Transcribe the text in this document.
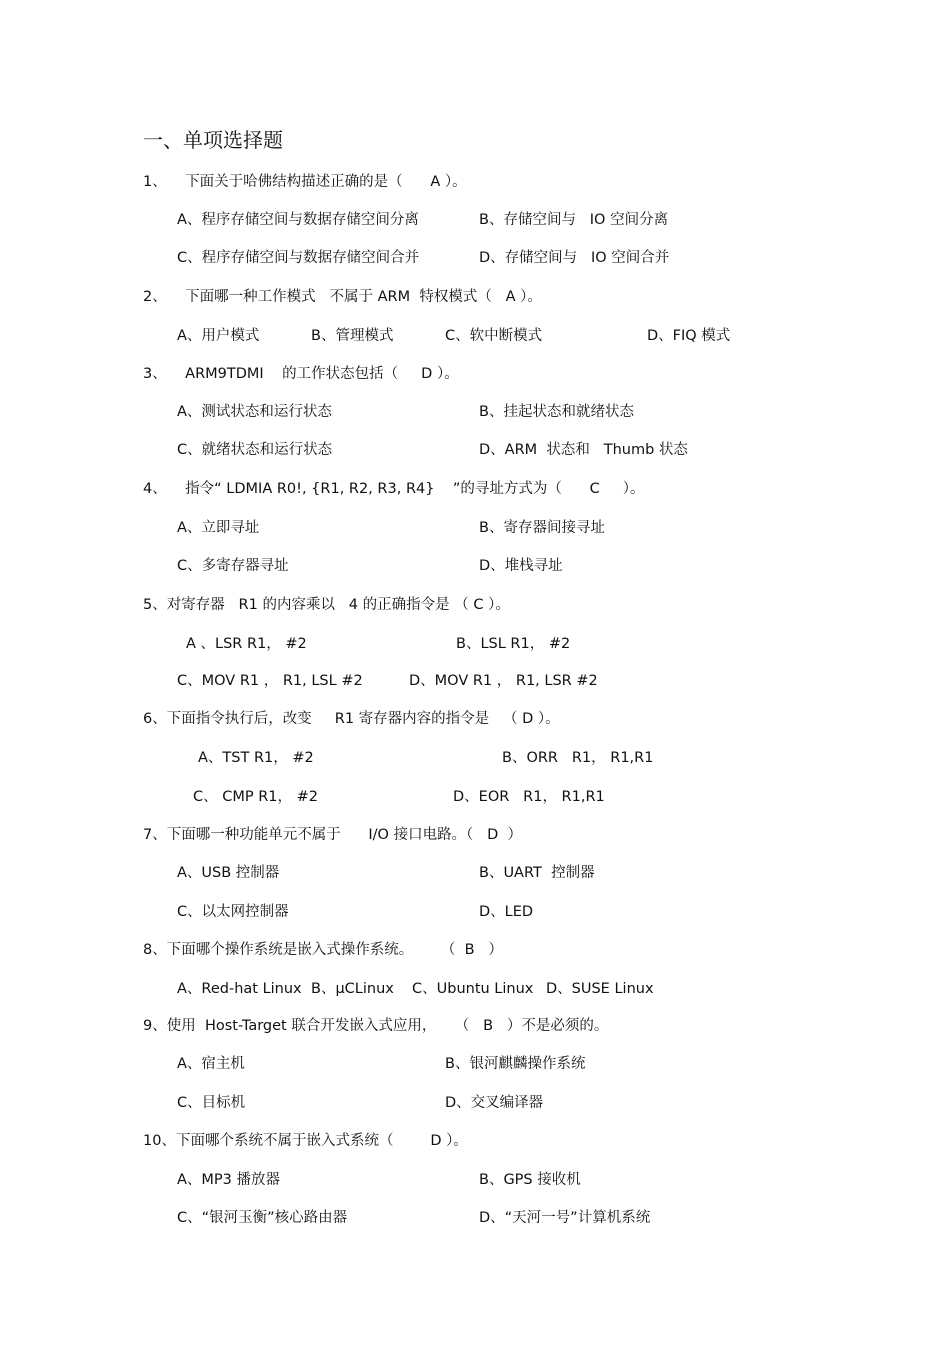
一、单项选择题
1、    下面关于哈佛结构描述正确的是（      A ）。
A、程序存储空间与数据存储空间分离	B、存储空间与   IO 空间分离
C、程序存储空间与数据存储空间合并	D、存储空间与   IO 空间合并
2、    下面哪一种工作模式   不属于 ARM  特权模式（   A ）。
A、用户模式	B、管理模式	C、软中断模式	D、FIQ 模式
3、    ARM9TDMI    的工作状态包括（     D ）。
A、测试状态和运行状态	B、挂起状态和就绪状态
C、就绪状态和运行状态	D、ARM  状态和   Thumb 状态
4、    指令“ LDMIA R0!, {R1, R2, R3, R4}    ”的寻址方式为（      C     ）。
A、立即寻址	B、寄存器间接寻址
C、多寄存器寻址	D、堆栈寻址
5、对寄存器   R1 的内容乘以   4 的正确指令是 （ C ）。
A 、LSR R1， #2	B、LSL R1， #2
C、MOV R1 ， R1, LSL #2	D、MOV R1 ， R1, LSR #2
6、下面指令执行后，改变     R1 寄存器内容的指令是   （ D ）。
A、TST R1， #2	B、ORR   R1， R1,R1
C、 CMP R1， #2	D、EOR   R1， R1,R1
7、下面哪一种功能单元不属于      I/O 接口电路。（   D  ）
A、USB 控制器	B、UART  控制器
C、以太网控制器	D、LED
8、下面哪个操作系统是嵌入式操作系统。      （  B   ）
A、Red-hat Linux B、µCLinux C、Ubuntu Linux D、SUSE Linux
9、使用  Host-Target 联合开发嵌入式应用，    （   B   ）不是必须的。
A、宿主机	B、银河麒麟操作系统
C、目标机	D、交叉编译器
10、下面哪个系统不属于嵌入式系统（        D ）。
A、MP3 播放器	B、GPS 接收机
C、“银河玉衡”核心路由器	D、“天河一号”计算机系统
